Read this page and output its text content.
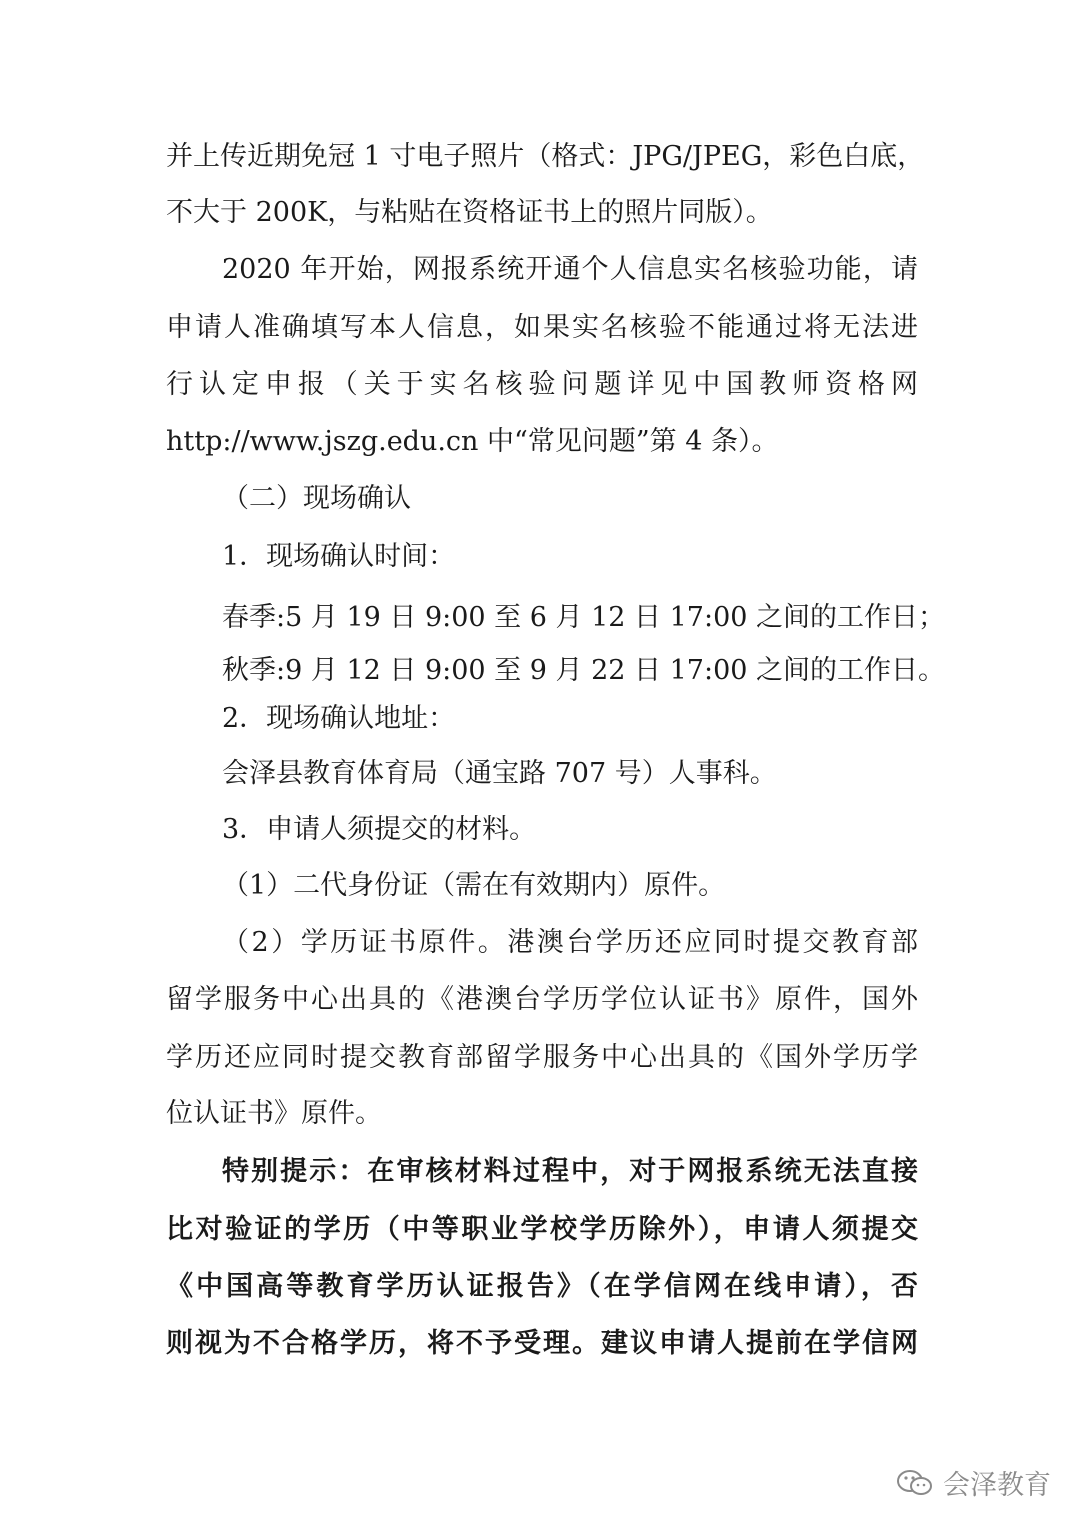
并上传近期免冠 1 寸电子照片（格式：JPG/JPEG，彩色白底，
不大于 200K，与粘贴在资格证书上的照片同版）。
2020 年开始，网报系统开通个人信息实名核验功能，请
申请人准确填写本人信息，如果实名核验不能通过将无法进
行认定申报（关于实名核验问题详见中国教师资格网
http://www.jszg.edu.cn 中“常见问题”第 4 条）。
（二）现场确认
1．现场确认时间：
春季:5 月 19 日 9:00 至 6 月 12 日 17:00 之间的工作日；
秋季:9 月 12 日 9:00 至 9 月 22 日 17:00 之间的工作日。
2．现场确认地址：
会泽县教育体育局（通宝路 707 号）人事科。
3．申请人须提交的材料。
（1）二代身份证（需在有效期内）原件。
（2）学历证书原件。港澳台学历还应同时提交教育部
留学服务中心出具的《港澳台学历学位认证书》原件，国外
学历还应同时提交教育部留学服务中心出具的《国外学历学
位认证书》原件。
特别提示：在审核材料过程中，对于网报系统无法直接
比对验证的学历（中等职业学校学历除外），申请人须提交
《中国高等教育学历认证报告》（在学信网在线申请），否
则视为不合格学历，将不予受理。建议申请人提前在学信网
会泽教育
